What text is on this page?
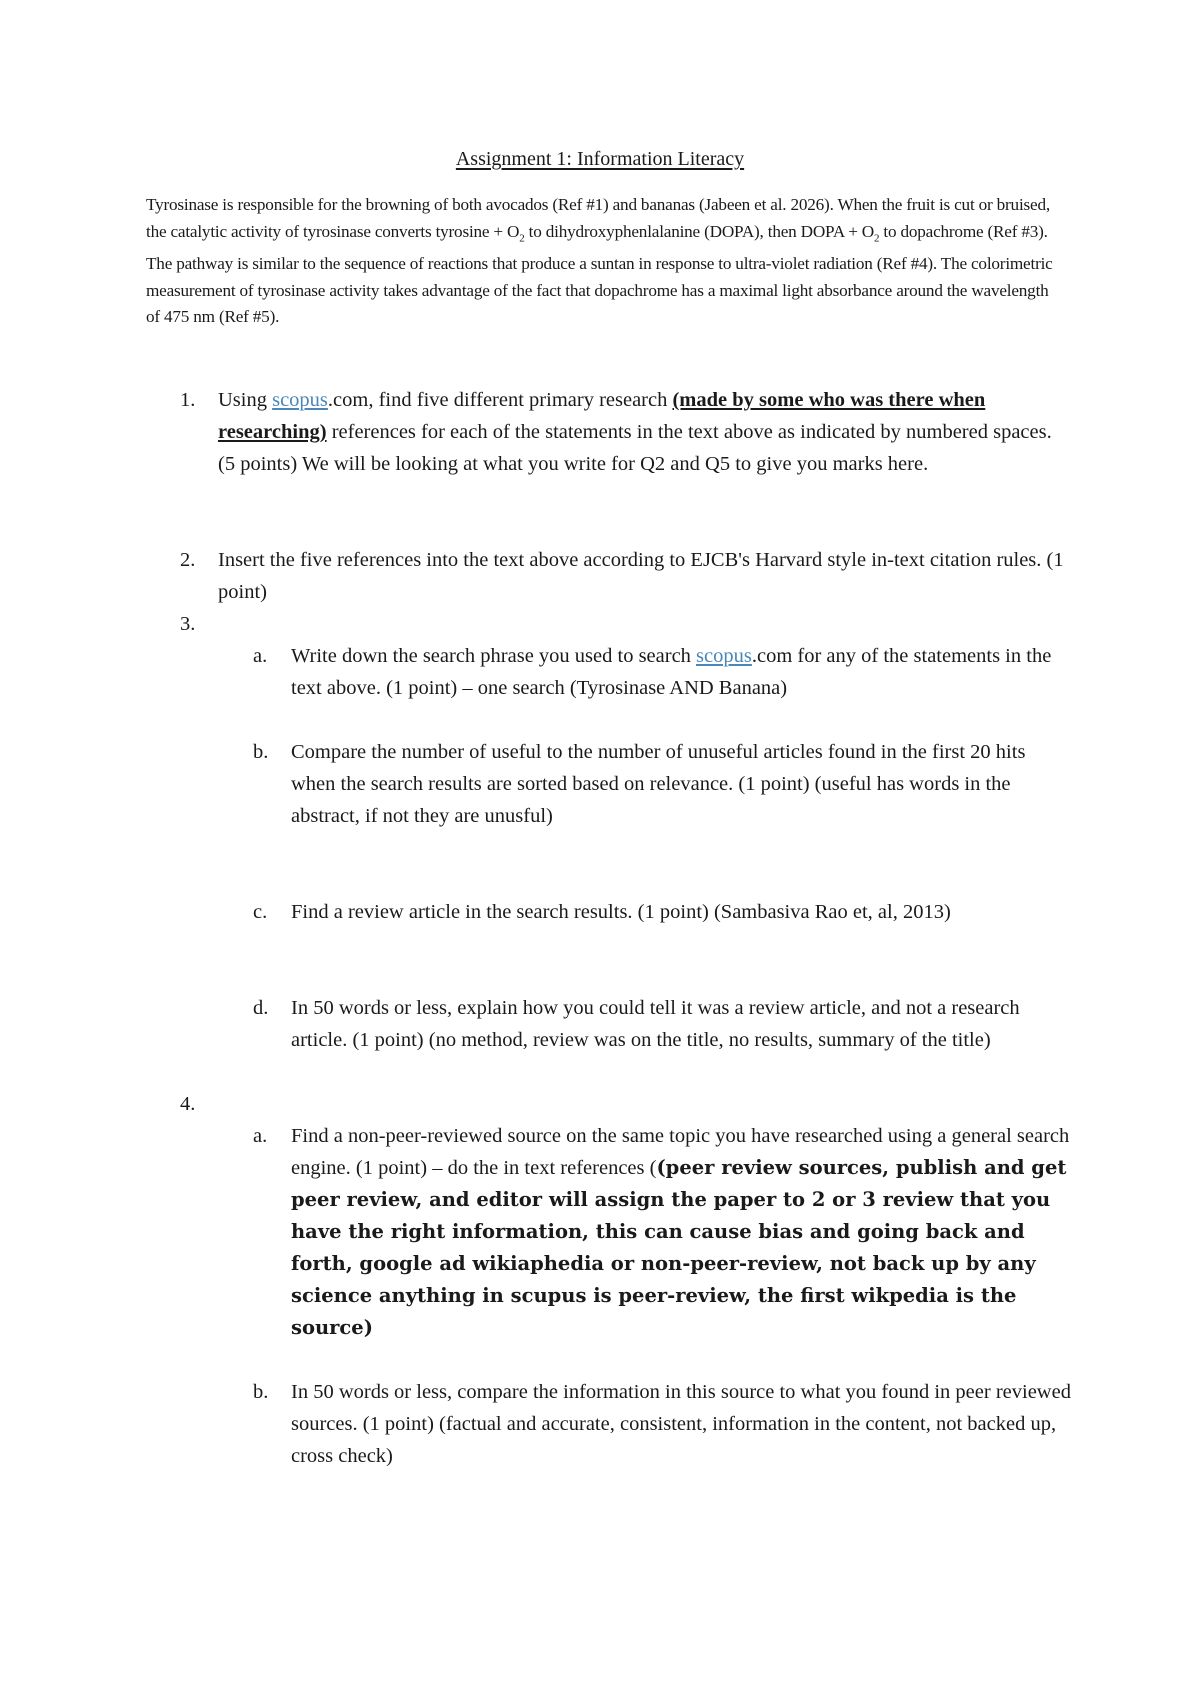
Assignment 1: Information Literacy
Tyrosinase is responsible for the browning of both avocados (Ref #1) and bananas (Jabeen et al. 2026). When the fruit is cut or bruised, the catalytic activity of tyrosinase converts tyrosine + $O_2$ to dihydroxyphenlalanine (DOPA), then DOPA + $O_2$ to dopachrome (Ref #3). The pathway is similar to the sequence of reactions that produce a suntan in response to ultra-violet radiation (Ref #4). The colorimetric measurement of tyrosinase activity takes advantage of the fact that dopachrome has a maximal light absorbance around the wavelength of 475 nm (Ref #5).
1. Using scopus.com, find five different primary research (made by some who was there when researching) references for each of the statements in the text above as indicated by numbered spaces. (5 points) We will be looking at what you write for Q2 and Q5 to give you marks here.
2. Insert the five references into the text above according to EJCB's Harvard style in-text citation rules. (1 point)
3.
a. Write down the search phrase you used to search scopus.com for any of the statements in the text above. (1 point) – one search (Tyrosinase AND Banana)
b. Compare the number of useful to the number of unuseful articles found in the first 20 hits when the search results are sorted based on relevance. (1 point) (useful has words in the abstract, if not they are unusful)
c. Find a review article in the search results. (1 point) (Sambasiva Rao et, al, 2013)
d. In 50 words or less, explain how you could tell it was a review article, and not a research article. (1 point) (no method, review was on the title, no results, summary of the title)
4.
a. Find a non-peer-reviewed source on the same topic you have researched using a general search engine. (1 point) – do the in text references ((peer review sources, publish and get peer review, and editor will assign the paper to 2 or 3 review that you have the right information, this can cause bias and going back and forth, google ad wikiaphedia or non-peer-review, not back up by any science anything in scupus is peer-review, the first wikpedia is the source)
b. In 50 words or less, compare the information in this source to what you found in peer reviewed sources. (1 point) (factual and accurate, consistent, information in the content, not backed up, cross check)
